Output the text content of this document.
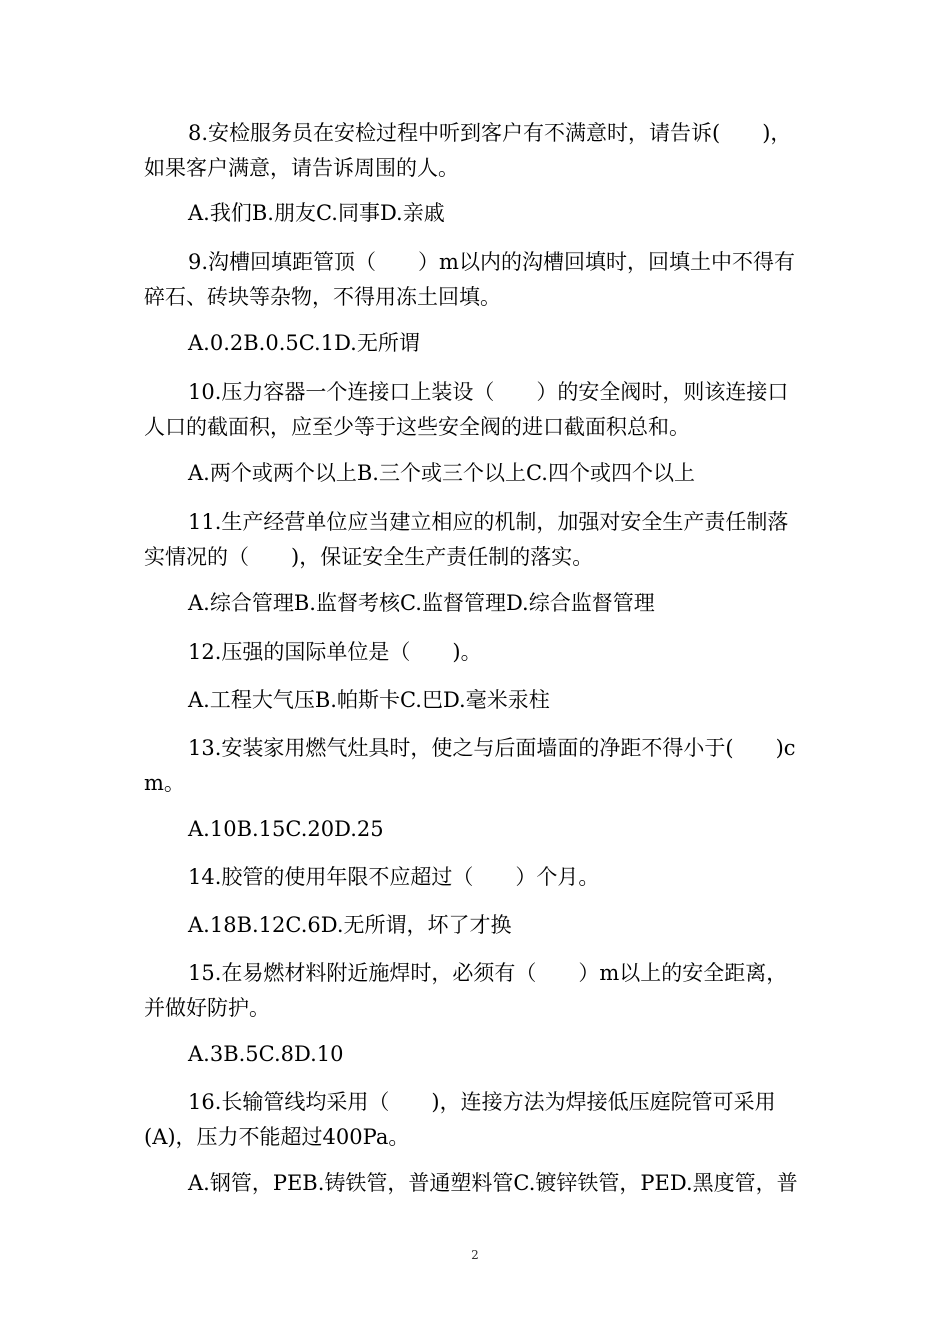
8.安检服务员在安检过程中听到客户有不满意时，请告诉(　　)，如果客户满意，请告诉周围的人。

A.我们B.朋友C.同事D.亲戚

9.沟槽回填距管顶（　　）m以内的沟槽回填时，回填土中不得有碎石、砖块等杂物，不得用冻土回填。

A.0.2B.0.5C.1D.无所谓

10.压力容器一个连接口上装设（　　）的安全阀时，则该连接口人口的截面积，应至少等于这些安全阀的进口截面积总和。

A.两个或两个以上B.三个或三个以上C.四个或四个以上

11.生产经营单位应当建立相应的机制，加强对安全生产责任制落实情况的（　　)，保证安全生产责任制的落实。

A.综合管理B.监督考核C.监督管理D.综合监督管理

12.压强的国际单位是（　　)。

A.工程大气压B.帕斯卡C.巴D.毫米汞柱

13.安装家用燃气灶具时，使之与后面墙面的净距不得小于(　　)cm。

A.10B.15C.20D.25

14.胶管的使用年限不应超过（　　）个月。

A.18B.12C.6D.无所谓，坏了才换

15.在易燃材料附近施焊时，必须有（　　）m以上的安全距离，并做好防护。

A.3B.5C.8D.10

16.长输管线均采用（　　)，连接方法为焊接低压庭院管可采用(A)，压力不能超过400Pa。

A.钢管，PEB.铸铁管，普通塑料管C.镀锌铁管，PED.黑度管，普

2
